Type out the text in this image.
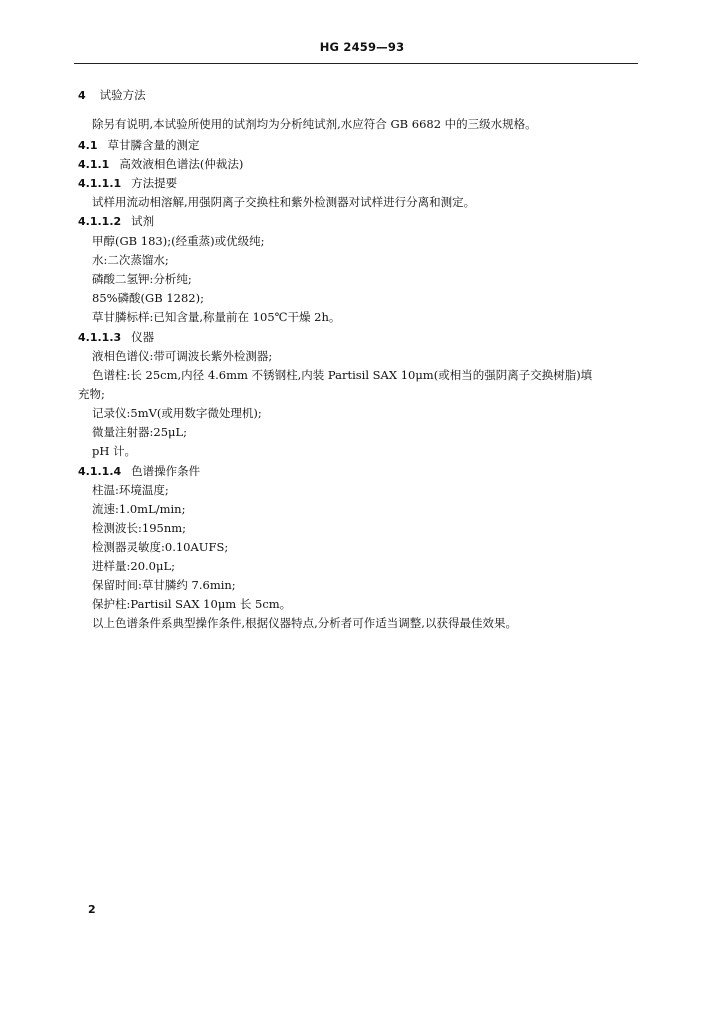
HG 2459—93
4 试验方法
除另有说明,本试验所使用的试剂均为分析纯试剂,水应符合 GB 6682 中的三级水规格。
4.1 草甘膦含量的测定
4.1.1 高效液相色谱法(仲裁法)
4.1.1.1 方法提要
试样用流动相溶解,用强阴离子交换柱和紫外检测器对试样进行分离和测定。
4.1.1.2 试剂
甲醇(GB 183);(经重蒸)或优级纯;
水:二次蒸馏水;
磷酸二氢钾:分析纯;
85%磷酸(GB 1282);
草甘膦标样:已知含量,称量前在 105℃干燥 2h。
4.1.1.3 仪器
液相色谱仪:带可调波长紫外检测器;
色谱柱:长 25cm,内径 4.6mm 不锈钢柱,内装 Partisil SAX 10μm(或相当的强阴离子交换树脂)填
充物;
记录仪:5mV(或用数字微处理机);
微量注射器:25μL;
pH 计。
4.1.1.4 色谱操作条件
柱温:环境温度;
流速:1.0mL/min;
检测波长:195nm;
检测器灵敏度:0.10AUFS;
进样量:20.0μL;
保留时间:草甘膦约 7.6min;
保护柱:Partisil SAX 10μm 长 5cm。
以上色谱条件系典型操作条件,根据仪器特点,分析者可作适当调整,以获得最佳效果。
2
